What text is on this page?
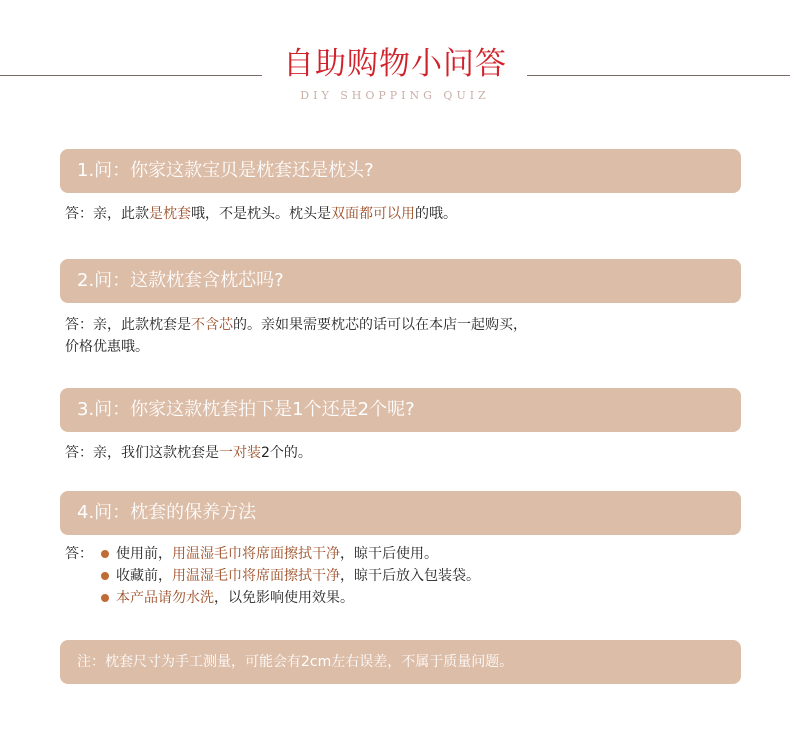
自助购物小问答
DIY SHOPPING QUIZ
1.问：你家这款宝贝是枕套还是枕头?
答：亲，此款是枕套哦，不是枕头。枕头是双面都可以用的哦。
2.问：这款枕套含枕芯吗?
答：亲，此款枕套是不含芯的。亲如果需要枕芯的话可以在本店一起购买，
价格优惠哦。
3.问：你家这款枕套拍下是1个还是2个呢?
答：亲，我们这款枕套是一对装2个的。
4.问：枕套的保养方法
答：	使用前，用温湿毛巾将席面擦拭干净，晾干后使用。
收藏前，用温湿毛巾将席面擦拭干净，晾干后放入包装袋。
本产品请勿水洗，以免影响使用效果。
注：枕套尺寸为手工测量，可能会有2cm左右误差，不属于质量问题。
